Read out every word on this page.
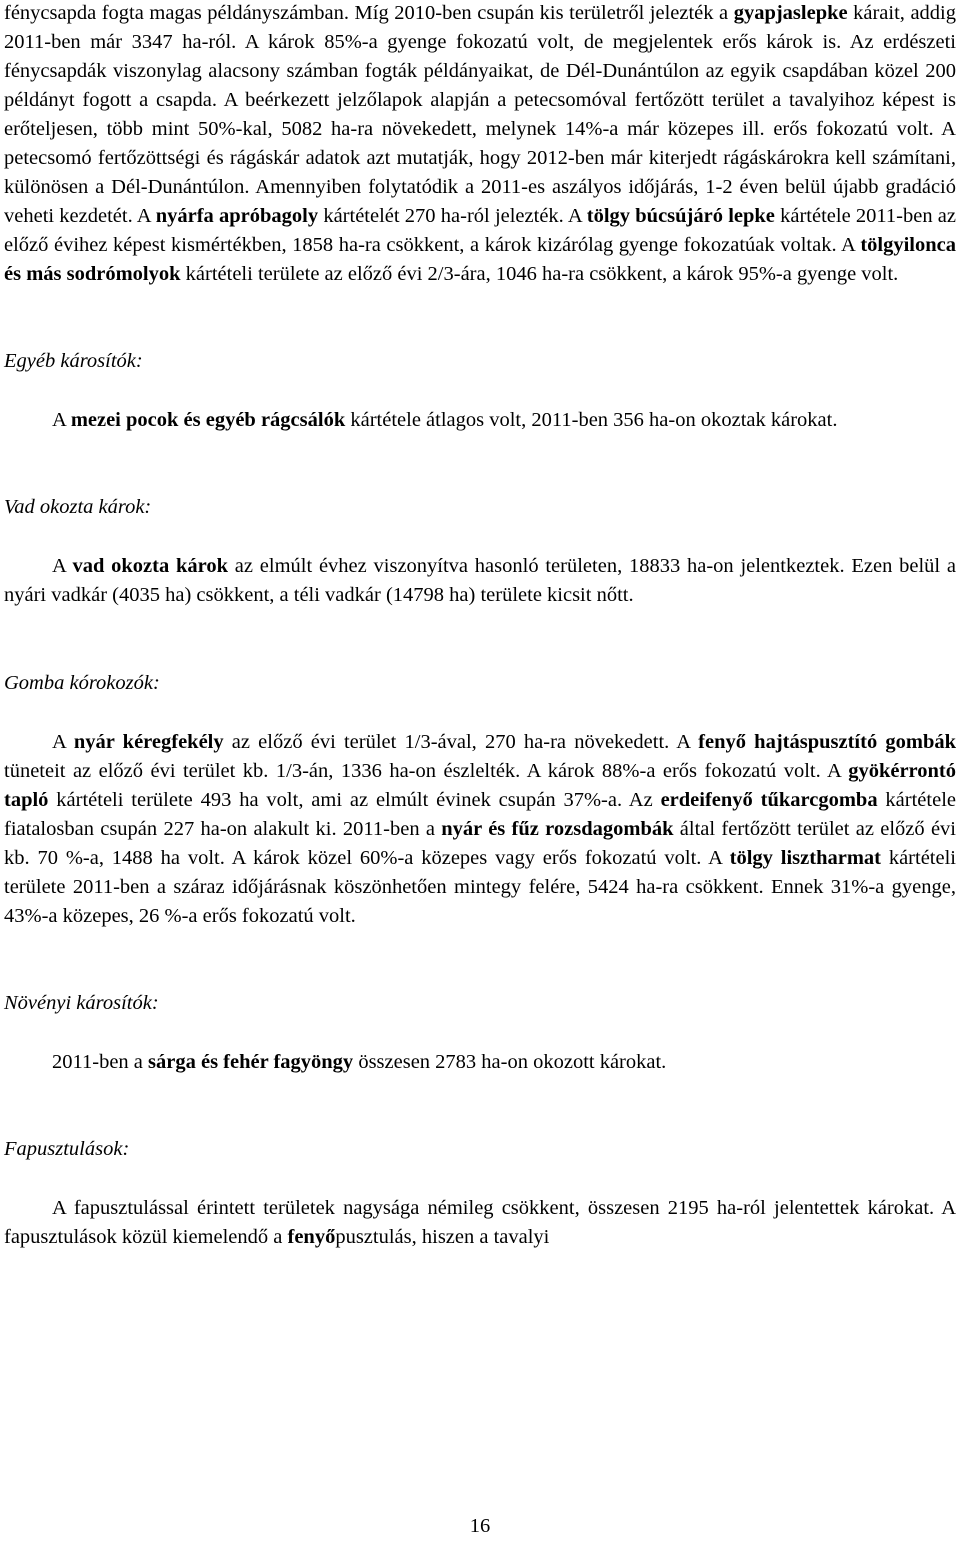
fénycsapda fogta magas példányszámban. Míg 2010-ben csupán kis területről jelezték a gyapjaslepke kárait, addig 2011-ben már 3347 ha-ról. A károk 85%-a gyenge fokozatú volt, de megjelentek erős károk is. Az erdészeti fénycsapdák viszonylag alacsony számban fogták példányaikat, de Dél-Dunántúlon az egyik csapdában közel 200 példányt fogott a csapda. A beérkezett jelzőlapok alapján a petecsomóval fertőzött terület a tavalyihoz képest is erőteljesen, több mint 50%-kal, 5082 ha-ra növekedett, melynek 14%-a már közepes ill. erős fokozatú volt. A petecsomó fertőzöttségi és rágáskár adatok azt mutatják, hogy 2012-ben már kiterjedt rágáskárokra kell számítani, különösen a Dél-Dunántúlon. Amennyiben folytatódik a 2011-es aszályos időjárás, 1-2 éven belül újabb gradáció veheti kezdetét. A nyárfa apróbagoly kártételét 270 ha-ról jelezték. A tölgy búcsújáró lepke kártétele 2011-ben az előző évihez képest kismértékben, 1858 ha-ra csökkent, a károk kizárólag gyenge fokozatúak voltak. A tölgyilonca és más sodrómolyok kártételi területe az előző évi 2/3-ára, 1046 ha-ra csökkent, a károk 95%-a gyenge volt.

Egyéb károsítók:

A mezei pocok és egyéb rágcsálók kártétele átlagos volt, 2011-ben 356 ha-on okoztak károkat.

Vad okozta károk:

A vad okozta károk az elmúlt évhez viszonyítva hasonló területen, 18833 ha-on jelentkeztek. Ezen belül a nyári vadkár (4035 ha) csökkent, a téli vadkár (14798 ha) területe kicsit nőtt.

Gomba kórokozók:

A nyár kéregfekély az előző évi terület 1/3-ával, 270 ha-ra növekedett. A fenyő hajtáspusztító gombák tüneteit az előző évi terület kb. 1/3-án, 1336 ha-on észlelték. A károk 88%-a erős fokozatú volt. A gyökérrontó tapló kártételi területe 493 ha volt, ami az elmúlt évinek csupán 37%-a. Az erdeifenyő tűkarcgomba kártétele fiatalosban csupán 227 ha-on alakult ki. 2011-ben a nyár és fűz rozsdagombák által fertőzött terület az előző évi kb. 70 %-a, 1488 ha volt. A károk közel 60%-a közepes vagy erős fokozatú volt. A tölgy lisztharmat kártételi területe 2011-ben a száraz időjárásnak köszönhetően mintegy felére, 5424 ha-ra csökkent. Ennek 31%-a gyenge, 43%-a közepes, 26 %-a erős fokozatú volt.

Növényi károsítók:

2011-ben a sárga és fehér fagyöngy összesen 2783 ha-on okozott károkat.

Fapusztulások:

A fapusztulással érintett területek nagysága némileg csökkent, összesen 2195 ha-ról jelentettek károkat. A fapusztulások közül kiemelendő a fenyőpusztulás, hiszen a tavalyi

16
